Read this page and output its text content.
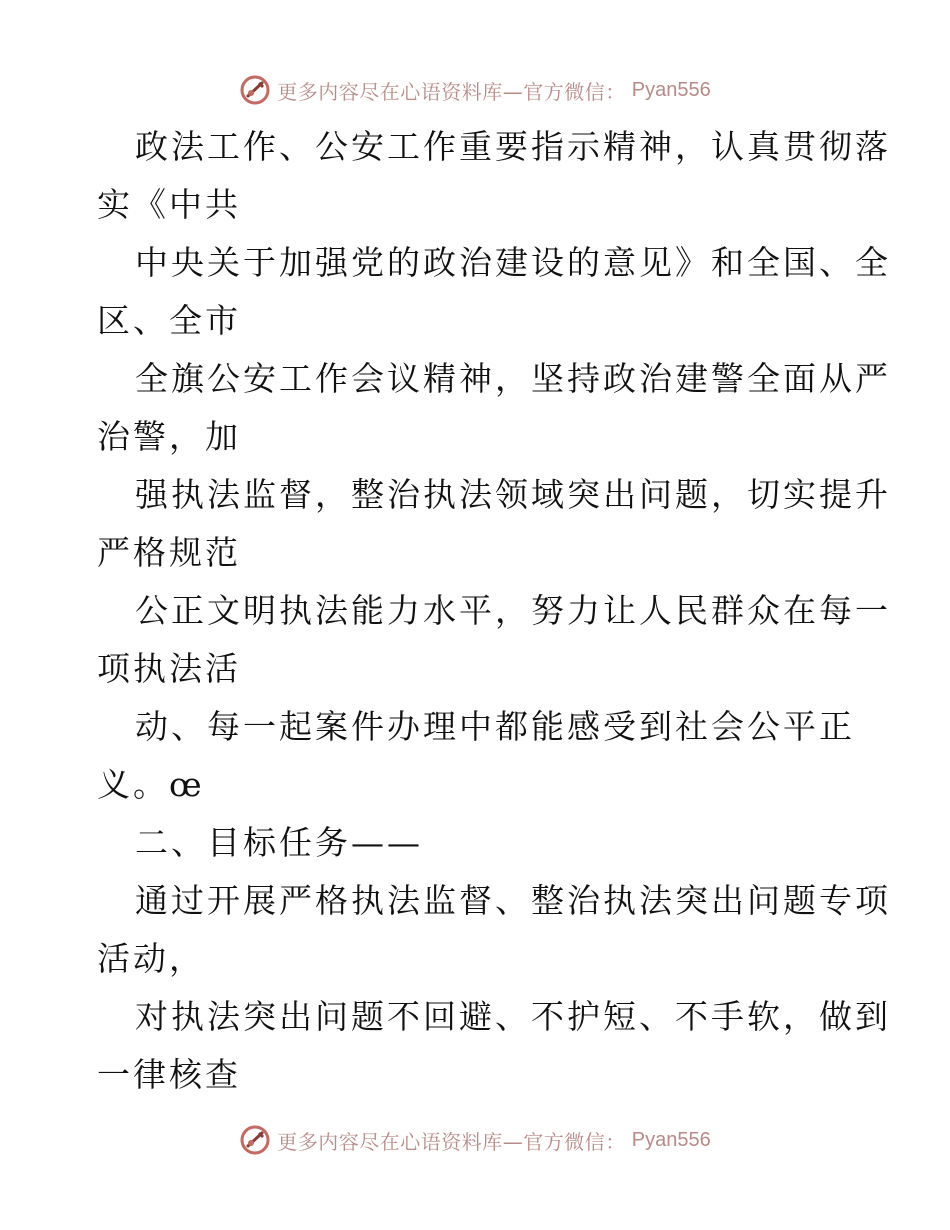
更多内容尽在心语资料库—官方微信： Pyan556
政法工作、公安工作重要指示精神，认真贯彻落
实《中共
中央关于加强党的政治建设的意见》和全国、全
区、全市
全旗公安工作会议精神，坚持政治建警全面从严
治警，加
强执法监督，整治执法领域突出问题，切实提升
严格规范
公正文明执法能力水平，努力让人民群众在每一
项执法活
动、每一起案件办理中都能感受到社会公平正
义。œ
二、目标任务——
通过开展严格执法监督、整治执法突出问题专项
活动，
对执法突出问题不回避、不护短、不手软，做到
一律核查
更多内容尽在心语资料库—官方微信： Pyan556
